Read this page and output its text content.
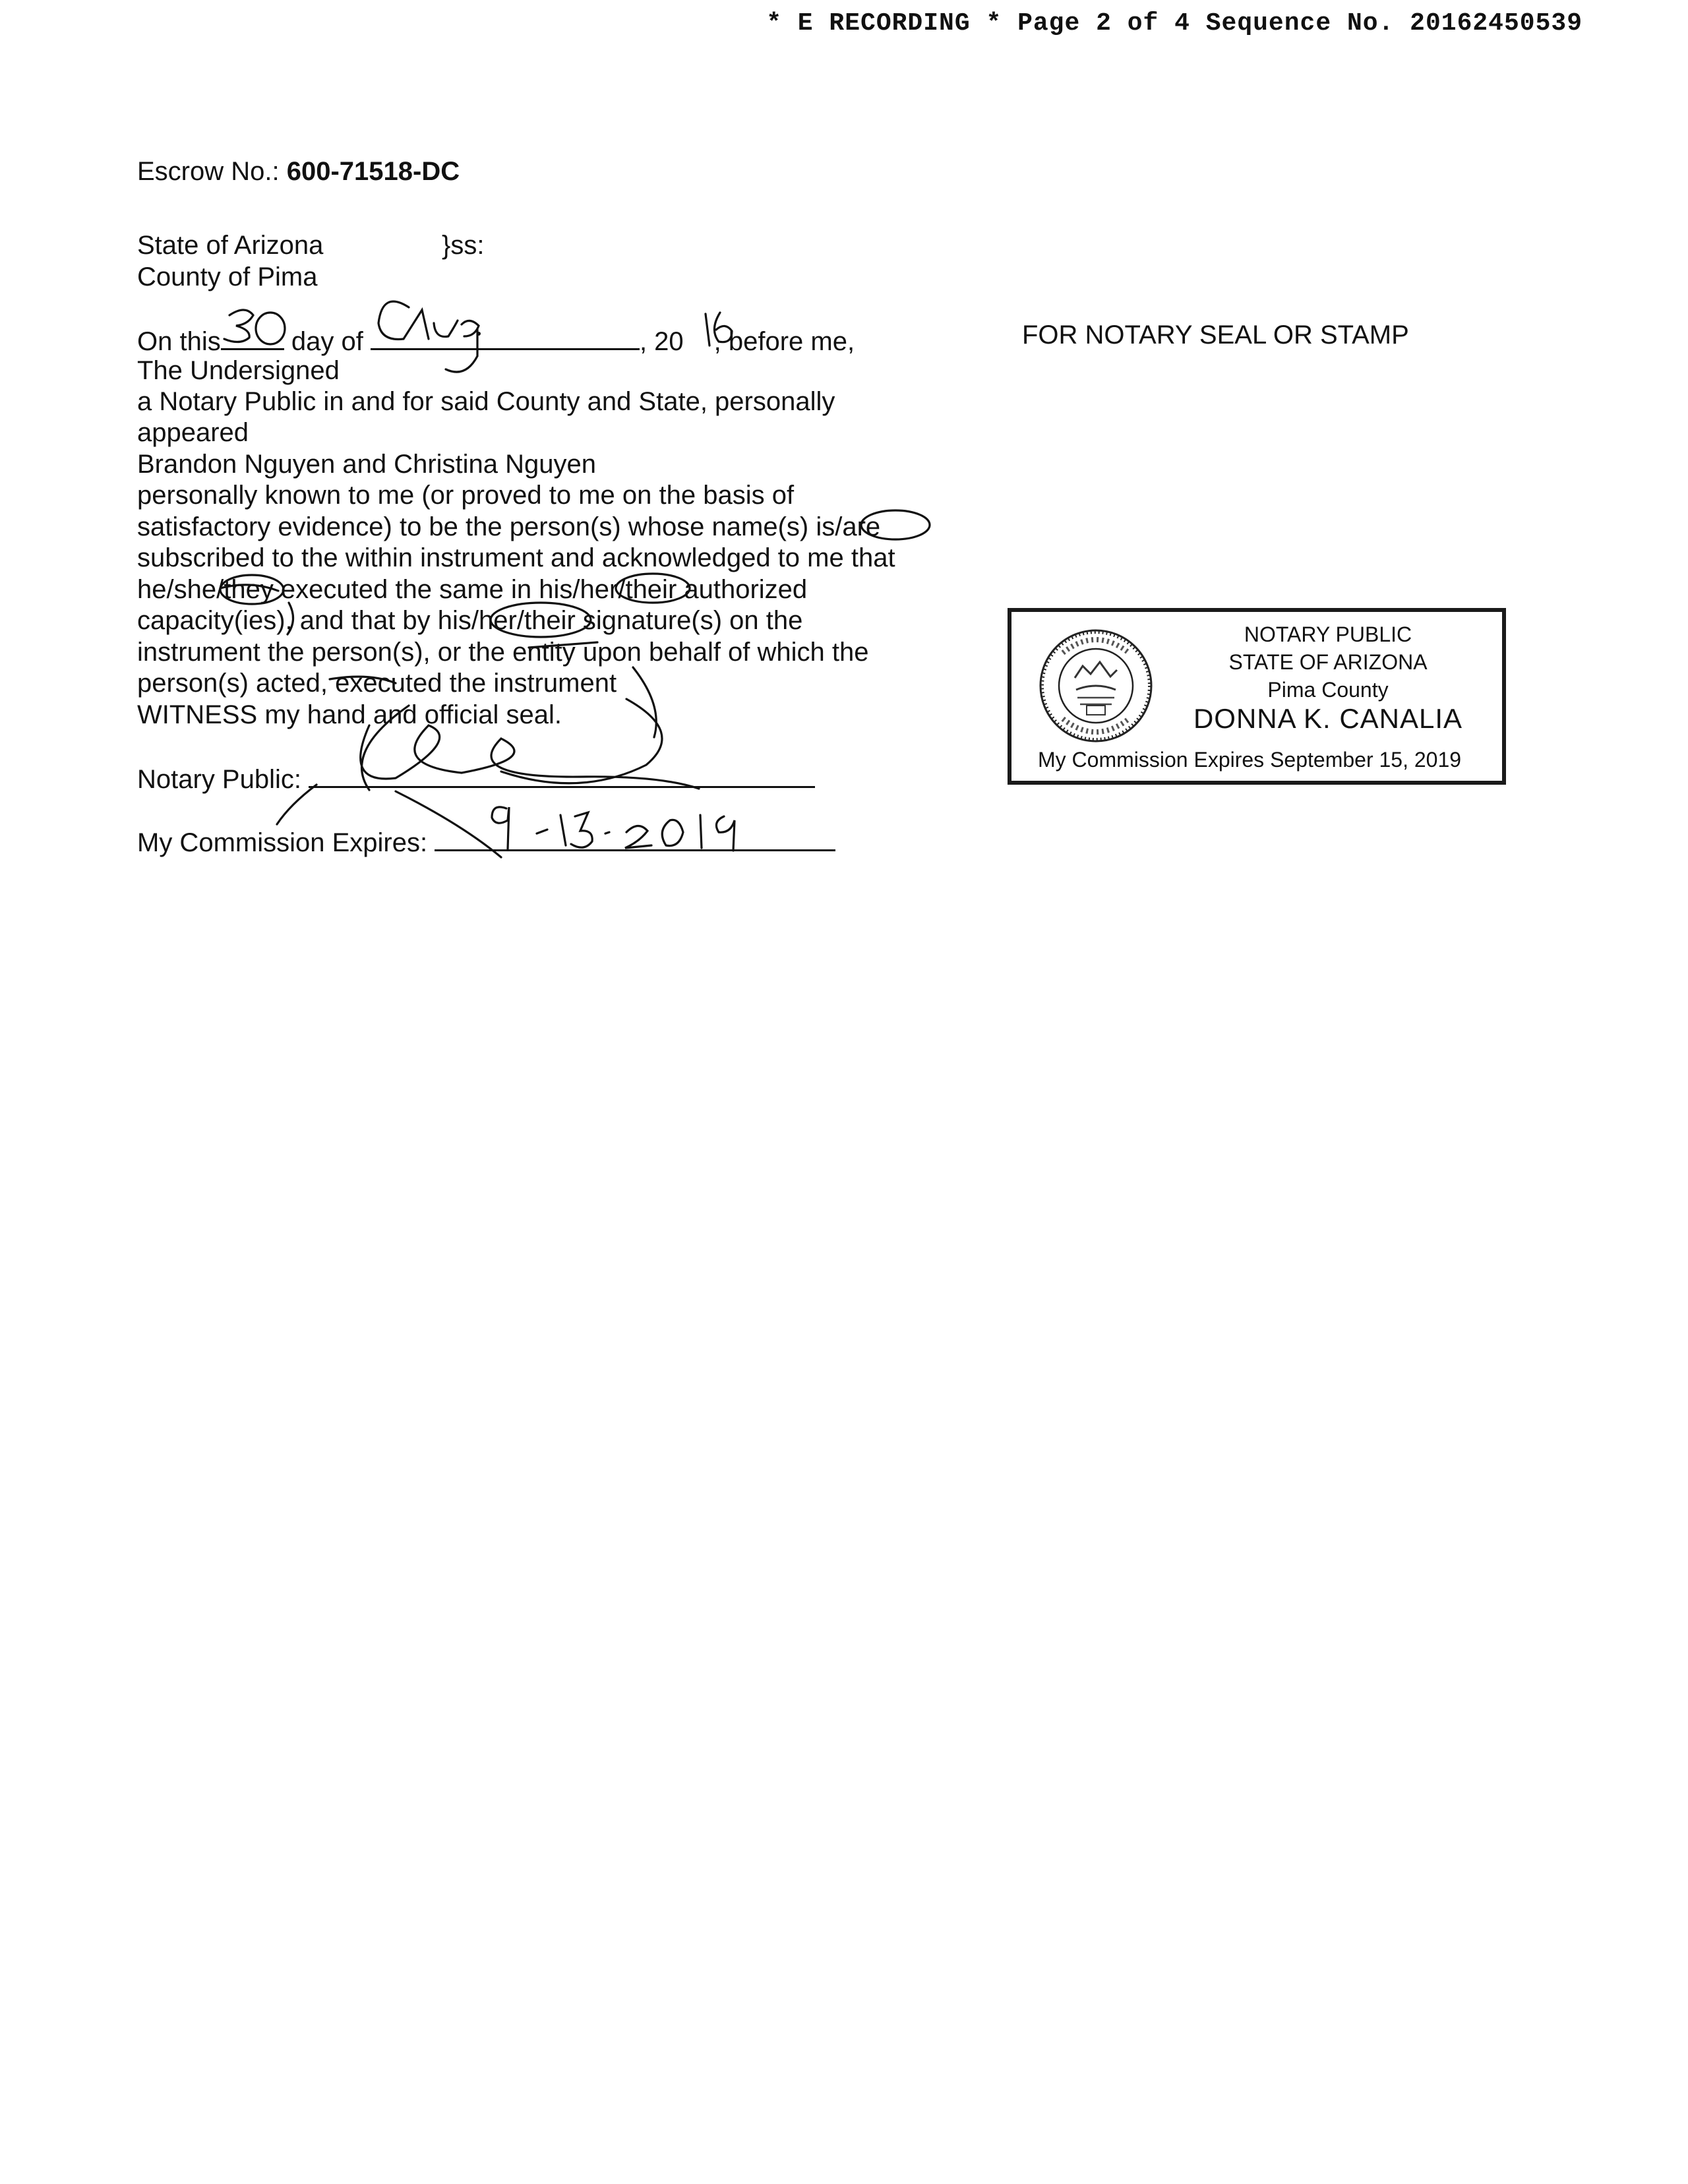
* E RECORDING * Page 2 of 4 Sequence No. 20162450539
Escrow No.: 600-71518-DC
State of Arizona	}ss:
County of Pima
On this	day of	, 20 , before me,
The Undersigned
a Notary Public in and for said County and State, personally
appeared
Brandon Nguyen and Christina Nguyen
personally known to me (or proved to me on the basis of
satisfactory evidence) to be the person(s) whose name(s) is/are
subscribed to the within instrument and acknowledged to me that
he/she/they executed the same in his/her/their authorized
capacity(ies), and that by his/her/their signature(s) on the
instrument the person(s), or the entity upon behalf of which the
person(s) acted, executed the instrument
WITNESS my hand and official seal.
Notary Public:
My Commission Expires:
FOR NOTARY SEAL OR STAMP
NOTARY PUBLIC
STATE OF ARIZONA
Pima County
DONNA K. CANALIA
My Commission Expires September 15, 2019
